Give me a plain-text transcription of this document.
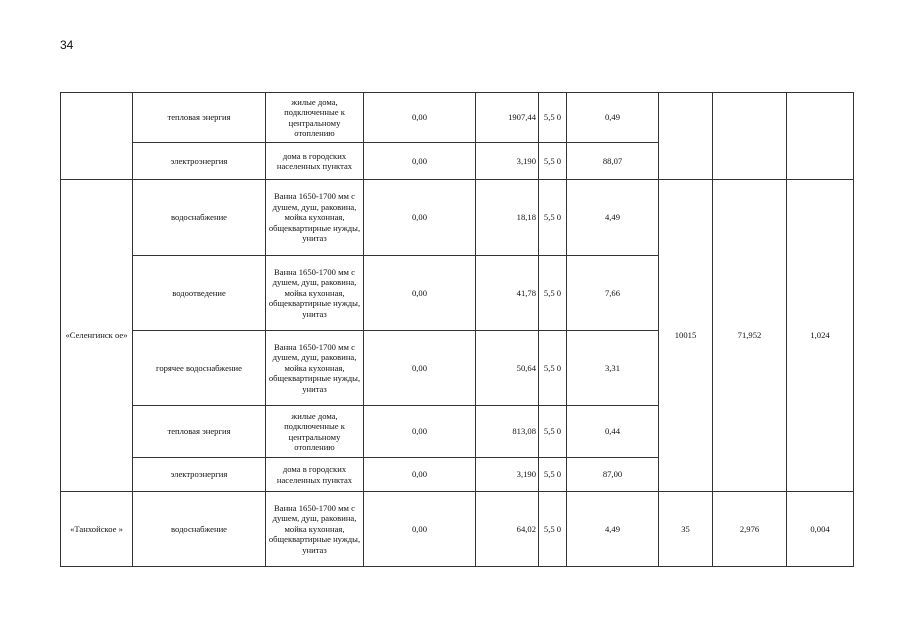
34
	тепловая энергия	жилые дома, подключенные к центральному отоплению	0,00	1907,44	5,5 0	0,49			
	электроэнергия	дома в городских населенных пунктах	0,00	3,190	5,5 0	88,07			
«Селенгинск ое»	водоснабжение	Ванна 1650-1700 мм с душем, душ, раковина, мойка кухонная, общеквартирные нужды, унитаз	0,00	18,18	5,5 0	4,49	10015	71,952	1,024
	водоотведение	Ванна 1650-1700 мм с душем, душ, раковина, мойка кухонная, общеквартирные нужды, унитаз	0,00	41,78	5,5 0	7,66			
	горячее водоснабжение	Ванна 1650-1700 мм с душем, душ, раковина, мойка кухонная, общеквартирные нужды, унитаз	0,00	50,64	5,5 0	3,31			
	тепловая энергия	жилые дома, подключенные к центральному отоплению	0,00	813,08	5,5 0	0,44			
	электроэнергия	дома в городских населенных пунктах	0,00	3,190	5,5 0	87,00			
«Танхойское »	водоснабжение	Ванна 1650-1700 мм с душем, душ, раковина, мойка кухонная, общеквартирные нужды, унитаз	0,00	64,02	5,5 0	4,49	35	2,976	0,004
